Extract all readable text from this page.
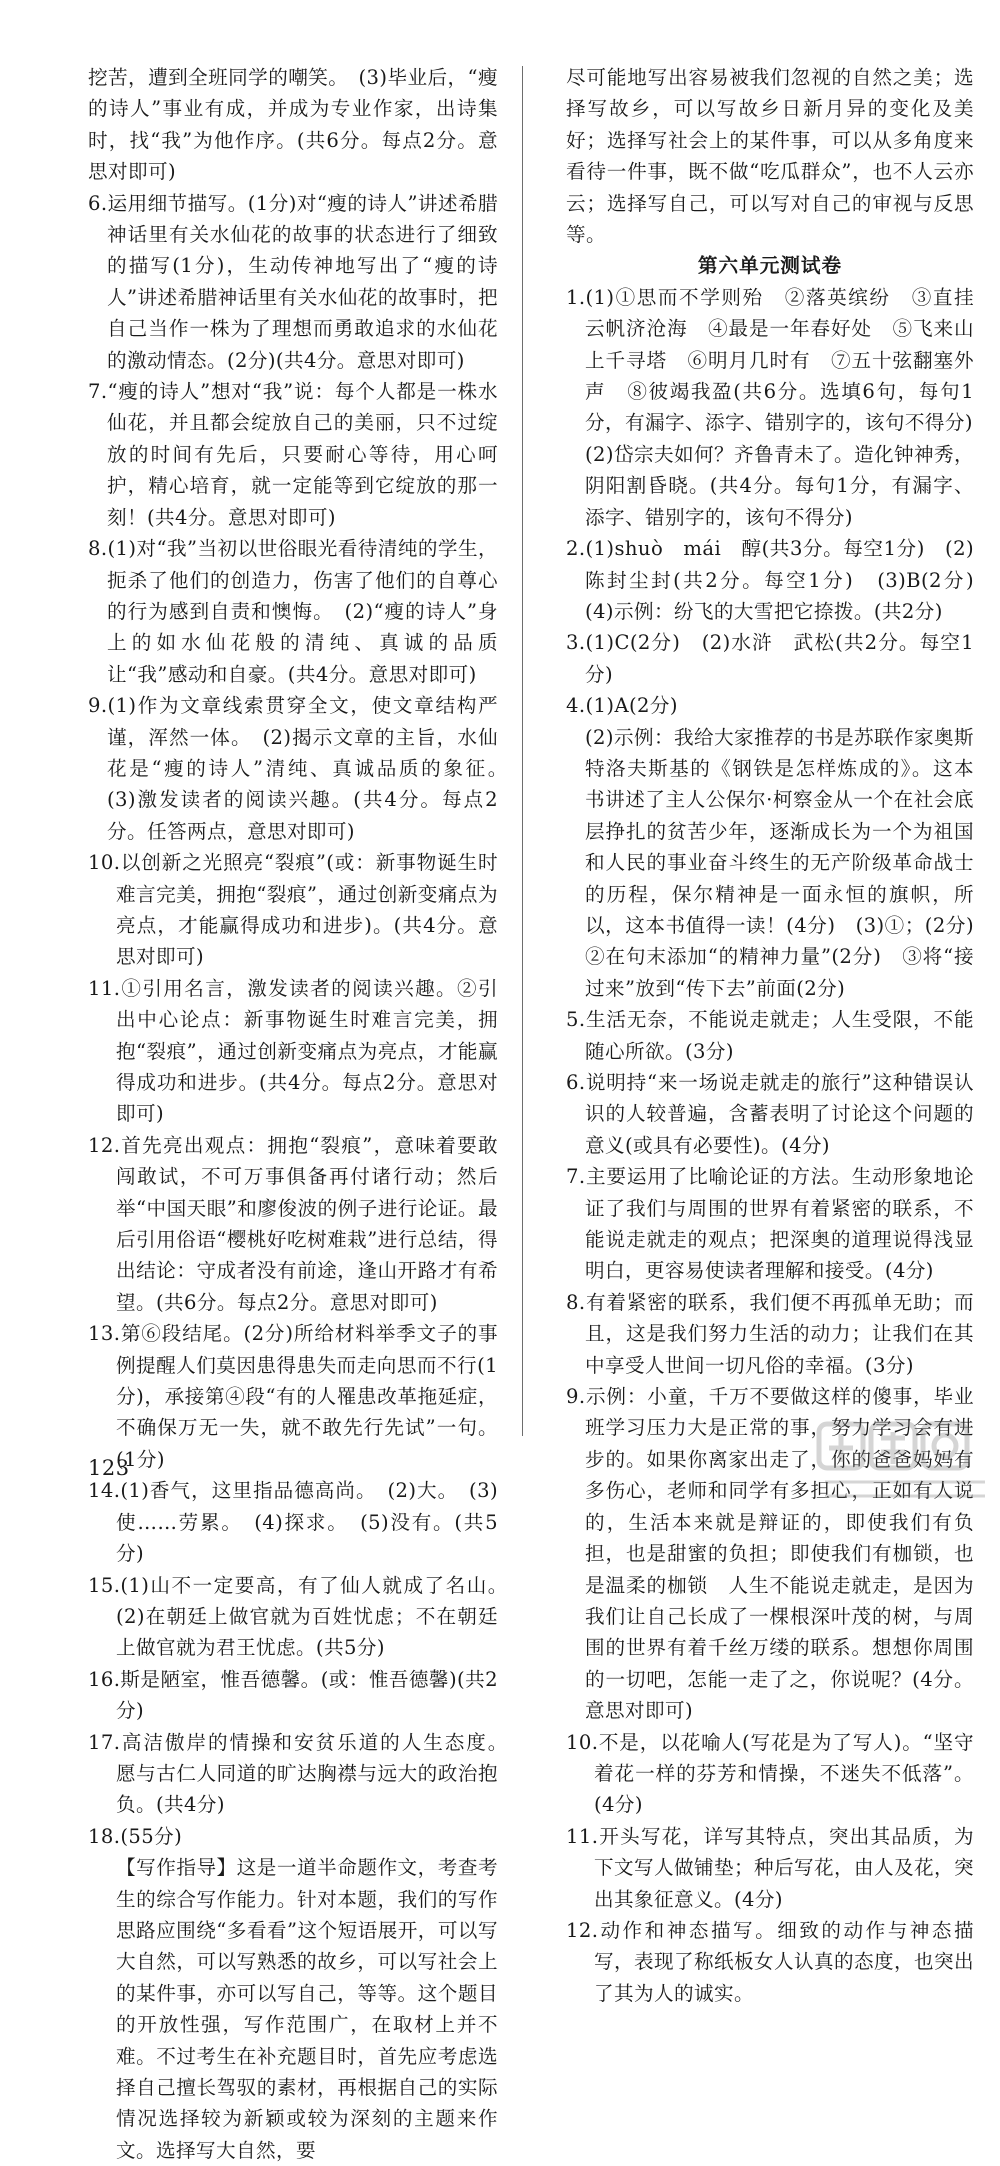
挖苦，遭到全班同学的嘲笑。　(3)毕业后，“瘦的诗人”事业有成，并成为专业作家，出诗集时，找“我”为他作序。(共6分。每点2分。意思对即可)

6.运用细节描写。(1分)对“瘦的诗人”讲述希腊神话里有关水仙花的故事的状态进行了细致的描写(1分)，生动传神地写出了“瘦的诗人”讲述希腊神话里有关水仙花的故事时，把自己当作一株为了理想而勇敢追求的水仙花的激动情态。(2分)(共4分。意思对即可)

7.“瘦的诗人”想对“我”说：每个人都是一株水仙花，并且都会绽放自己的美丽，只不过绽放的时间有先后，只要耐心等待，用心呵护，精心培育，就一定能等到它绽放的那一刻！(共4分。意思对即可)

8.(1)对“我”当初以世俗眼光看待清纯的学生，扼杀了他们的创造力，伤害了他们的自尊心的行为感到自责和懊悔。　(2)“瘦的诗人”身上的如水仙花般的清纯、真诚的品质让“我”感动和自豪。(共4分。意思对即可)

9.(1)作为文章线索贯穿全文，使文章结构严谨，浑然一体。　(2)揭示文章的主旨，水仙花是“瘦的诗人”清纯、真诚品质的象征。　(3)激发读者的阅读兴趣。(共4分。每点2分。任答两点，意思对即可)

10.以创新之光照亮“裂痕”(或：新事物诞生时难言完美，拥抱“裂痕”，通过创新变痛点为亮点，才能赢得成功和进步)。(共4分。意思对即可)

11.①引用名言，激发读者的阅读兴趣。②引出中心论点：新事物诞生时难言完美，拥抱“裂痕”，通过创新变痛点为亮点，才能赢得成功和进步。(共4分。每点2分。意思对即可)

12.首先亮出观点：拥抱“裂痕”，意味着要敢闯敢试，不可万事俱备再付诸行动；然后举“中国天眼”和廖俊波的例子进行论证。最后引用俗语“樱桃好吃树难栽”进行总结，得出结论：守成者没有前途，逢山开路才有希望。(共6分。每点2分。意思对即可)

13.第⑥段结尾。(2分)所给材料举季文子的事例提醒人们莫因患得患失而走向思而不行(1分)，承接第④段“有的人罹患改革拖延症，不确保万无一失，就不敢先行先试”一句。(1分)

14.(1)香气，这里指品德高尚。　(2)大。　(3)使……劳累。　(4)探求。　(5)没有。(共5分)

15.(1)山不一定要高，有了仙人就成了名山。　(2)在朝廷上做官就为百姓忧虑；不在朝廷上做官就为君王忧虑。(共5分)

16.斯是陋室，惟吾德馨。(或：惟吾德馨)(共2分)

17.高洁傲岸的情操和安贫乐道的人生态度。　愿与古仁人同道的旷达胸襟与远大的政治抱负。(共4分)

18.(55分)

【写作指导】这是一道半命题作文，考查考生的综合写作能力。针对本题，我们的写作思路应围绕“多看看”这个短语展开，可以写大自然，可以写熟悉的故乡，可以写社会上的某件事，亦可以写自己，等等。这个题目的开放性强，写作范围广，在取材上并不难。不过考生在补充题目时，首先应考虑选择自己擅长驾驭的素材，再根据自己的实际情况选择较为新颖或较为深刻的主题来作文。选择写大自然，要

尽可能地写出容易被我们忽视的自然之美；选择写故乡，可以写故乡日新月异的变化及美好；选择写社会上的某件事，可以从多角度来看待一件事，既不做“吃瓜群众”，也不人云亦云；选择写自己，可以写对自己的审视与反思等。

第六单元测试卷

1.(1)①思而不学则殆　②落英缤纷　③直挂云帆济沧海　④最是一年春好处　⑤飞来山上千寻塔　⑥明月几时有　⑦五十弦翻塞外声　⑧彼竭我盈(共6分。选填6句，每句1分，有漏字、添字、错别字的，该句不得分)

(2)岱宗夫如何？齐鲁青未了。造化钟神秀，阴阳割昏晓。(共4分。每句1分，有漏字、添字、错别字的，该句不得分)

2.(1)shuò　mái　醇(共3分。每空1分)　(2)陈封尘封(共2分。每空1分)　(3)B(2分)　(4)示例：纷飞的大雪把它捺拨。(共2分)

3.(1)C(2分)　(2)水浒　武松(共2分。每空1分)

4.(1)A(2分)

(2)示例：我给大家推荐的书是苏联作家奥斯特洛夫斯基的《钢铁是怎样炼成的》。这本书讲述了主人公保尔·柯察金从一个在社会底层挣扎的贫苦少年，逐渐成长为一个为祖国和人民的事业奋斗终生的无产阶级革命战士的历程，保尔精神是一面永恒的旗帜，所以，这本书值得一读！(4分)　(3)①；(2分)　②在句末添加“的精神力量”(2分)　③将“接过来”放到“传下去”前面(2分)

5.生活无奈，不能说走就走；人生受限，不能随心所欲。(3分)

6.说明持“来一场说走就走的旅行”这种错误认识的人较普遍，含蓄表明了讨论这个问题的意义(或具有必要性)。(4分)

7.主要运用了比喻论证的方法。生动形象地论证了我们与周围的世界有着紧密的联系，不能说走就走的观点；把深奥的道理说得浅显明白，更容易使读者理解和接受。(4分)

8.有着紧密的联系，我们便不再孤单无助；而且，这是我们努力生活的动力；让我们在其中享受人世间一切凡俗的幸福。(3分)

9.示例：小童，千万不要做这样的傻事，毕业班学习压力大是正常的事，努力学习会有进步的。如果你离家出走了，你的爸爸妈妈有多伤心，老师和同学有多担心，正如有人说的，生活本来就是辩证的，即使我们有负担，也是甜蜜的负担；即使我们有枷锁，也是温柔的枷锁　人生不能说走就走，是因为我们让自己长成了一棵根深叶茂的树，与周围的世界有着千丝万缕的联系。想想你周围的一切吧，怎能一走了之，你说呢？(4分。意思对即可)

10.不是，以花喻人(写花是为了写人)。“坚守着花一样的芬芳和情操，不迷失不低落”。(4分)

11.开头写花，详写其特点，突出其品质，为下文写人做铺垫；种后写花，由人及花，突出其象征意义。(4分)

12.动作和神态描写。细致的动作与神态描写，表现了称纸板女人认真的态度，也突出了其为人的诚实。

123
